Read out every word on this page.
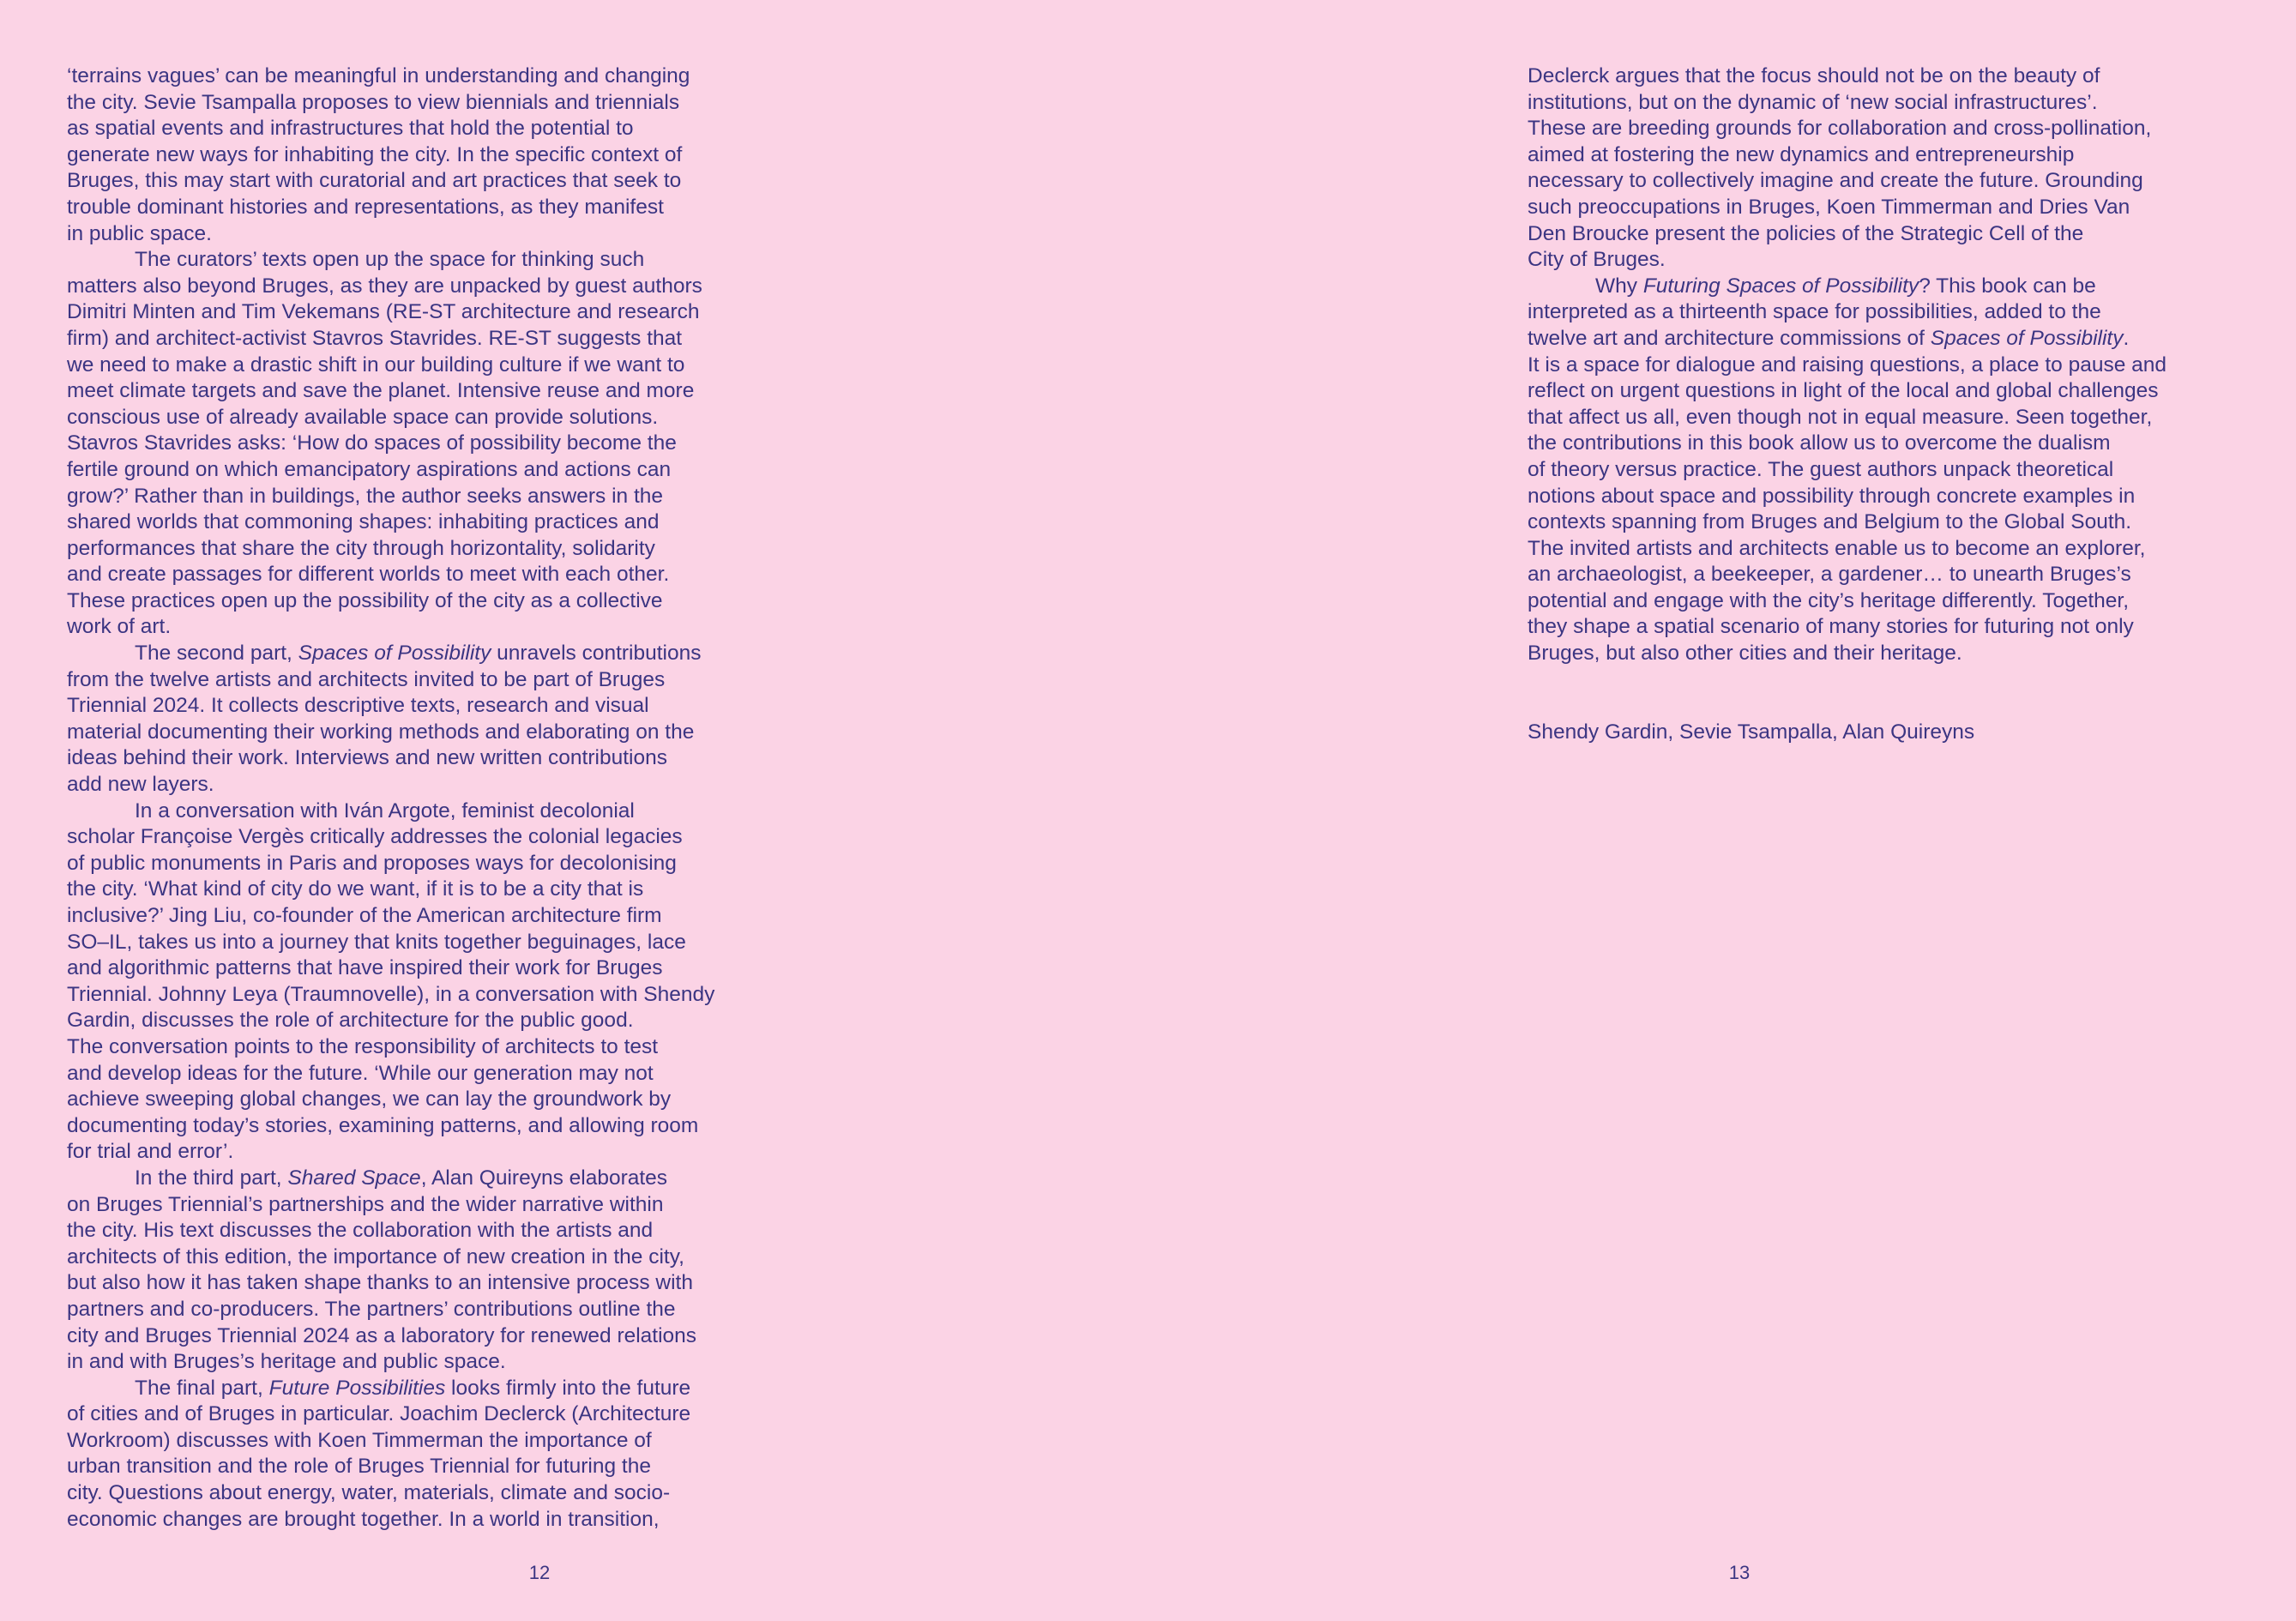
‘terrains vagues’ can be meaningful in understanding and changing
the city. Sevie Tsampalla proposes to view biennials and triennials
as spatial events and infrastructures that hold the potential to
generate new ways for inhabiting the city. In the specific context of
Bruges, this may start with curatorial and art practices that seek to
trouble dominant histories and representations, as they manifest
in public space.

The curators’ texts open up the space for thinking such
matters also beyond Bruges, as they are unpacked by guest authors
Dimitri Minten and Tim Vekemans (RE-ST architecture and research
firm) and architect-activist Stavros Stavrides. RE-ST suggests that
we need to make a drastic shift in our building culture if we want to
meet climate targets and save the planet. Intensive reuse and more
conscious use of already available space can provide solutions.
Stavros Stavrides asks: ‘How do spaces of possibility become the
fertile ground on which emancipatory aspirations and actions can
grow?’ Rather than in buildings, the author seeks answers in the
shared worlds that commoning shapes: inhabiting practices and
performances that share the city through horizontality, solidarity
and create passages for different worlds to meet with each other.
These practices open up the possibility of the city as a collective
work of art.

The second part, Spaces of Possibility unravels contributions
from the twelve artists and architects invited to be part of Bruges
Triennial 2024. It collects descriptive texts, research and visual
material documenting their working methods and elaborating on the
ideas behind their work. Interviews and new written contributions
add new layers.

In a conversation with Iván Argote, feminist decolonial
scholar Françoise Vergès critically addresses the colonial legacies
of public monuments in Paris and proposes ways for decolonising
the city. ‘What kind of city do we want, if it is to be a city that is
inclusive?’ Jing Liu, co-founder of the American architecture firm
SO–IL, takes us into a journey that knits together beguinages, lace
and algorithmic patterns that have inspired their work for Bruges
Triennial. Johnny Leya (Traumnovelle), in a conversation with Shendy
Gardin, discusses the role of architecture for the public good.
The conversation points to the responsibility of architects to test
and develop ideas for the future. ‘While our generation may not
achieve sweeping global changes, we can lay the groundwork by
documenting today’s stories, examining patterns, and allowing room
for trial and error’.

In the third part, Shared Space, Alan Quireyns elaborates
on Bruges Triennial’s partnerships and the wider narrative within
the city. His text discusses the collaboration with the artists and
architects of this edition, the importance of new creation in the city,
but also how it has taken shape thanks to an intensive process with
partners and co-producers. The partners’ contributions outline the
city and Bruges Triennial 2024 as a laboratory for renewed relations
in and with Bruges’s heritage and public space.

The final part, Future Possibilities looks firmly into the future
of cities and of Bruges in particular. Joachim Declerck (Architecture
Workroom) discusses with Koen Timmerman the importance of
urban transition and the role of Bruges Triennial for futuring the
city. Questions about energy, water, materials, climate and socio-
economic changes are brought together. In a world in transition,

12

Declerck argues that the focus should not be on the beauty of
institutions, but on the dynamic of ‘new social infrastructures’.
These are breeding grounds for collaboration and cross-pollination,
aimed at fostering the new dynamics and entrepreneurship
necessary to collectively imagine and create the future. Grounding
such preoccupations in Bruges, Koen Timmerman and Dries Van
Den Broucke present the policies of the Strategic Cell of the
City of Bruges.

Why Futuring Spaces of Possibility? This book can be
interpreted as a thirteenth space for possibilities, added to the
twelve art and architecture commissions of Spaces of Possibility.
It is a space for dialogue and raising questions, a place to pause and
reflect on urgent questions in light of the local and global challenges
that affect us all, even though not in equal measure. Seen together,
the contributions in this book allow us to overcome the dualism
of theory versus practice. The guest authors unpack theoretical
notions about space and possibility through concrete examples in
contexts spanning from Bruges and Belgium to the Global South.
The invited artists and architects enable us to become an explorer,
an archaeologist, a beekeeper, a gardener… to unearth Bruges’s
potential and engage with the city’s heritage differently. Together,
they shape a spatial scenario of many stories for futuring not only
Bruges, but also other cities and their heritage.

Shendy Gardin, Sevie Tsampalla, Alan Quireyns

13
